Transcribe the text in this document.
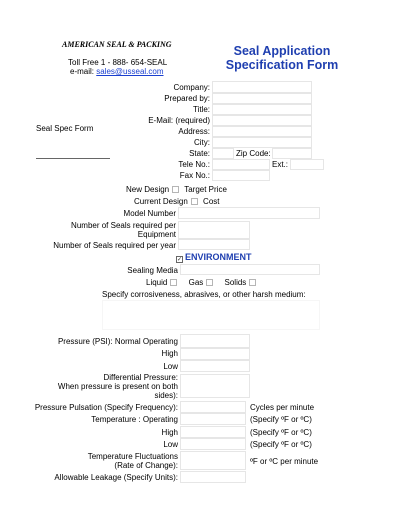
AMERICAN SEAL & PACKING
Toll Free 1 - 888- 654-SEAL
e-mail: sales@usseal.com
Seal Application
Specification Form
Seal Spec Form
Company:
Prepared by:
Title:
E-Mail: (required)
Address:
City:
State:	Zip Code:
Tele No.:	Ext.:
Fax No.:
New Design Target Price
Current Design Cost
Model Number
Number of Seals required per
Equipment
Number of Seals required per year
✓ENVIRONMENT
Sealing Media
Liquid	Gas	Solids
Specify corrosiveness, abrasives, or other harsh medium:
Pressure (PSI): Normal Operating
High
Low
Differential Pressure:
When pressure is present on both
sides):
Pressure Pulsation (Specify Frequency):	Cycles per minute
Temperature : Operating	(Specify ºF or ºC)
High	(Specify ºF or ºC)
Low	(Specify ºF or ºC)
Temperature Fluctuations
(Rate of Change):	ºF or ºC per minute
Allowable Leakage (Specify Units):
